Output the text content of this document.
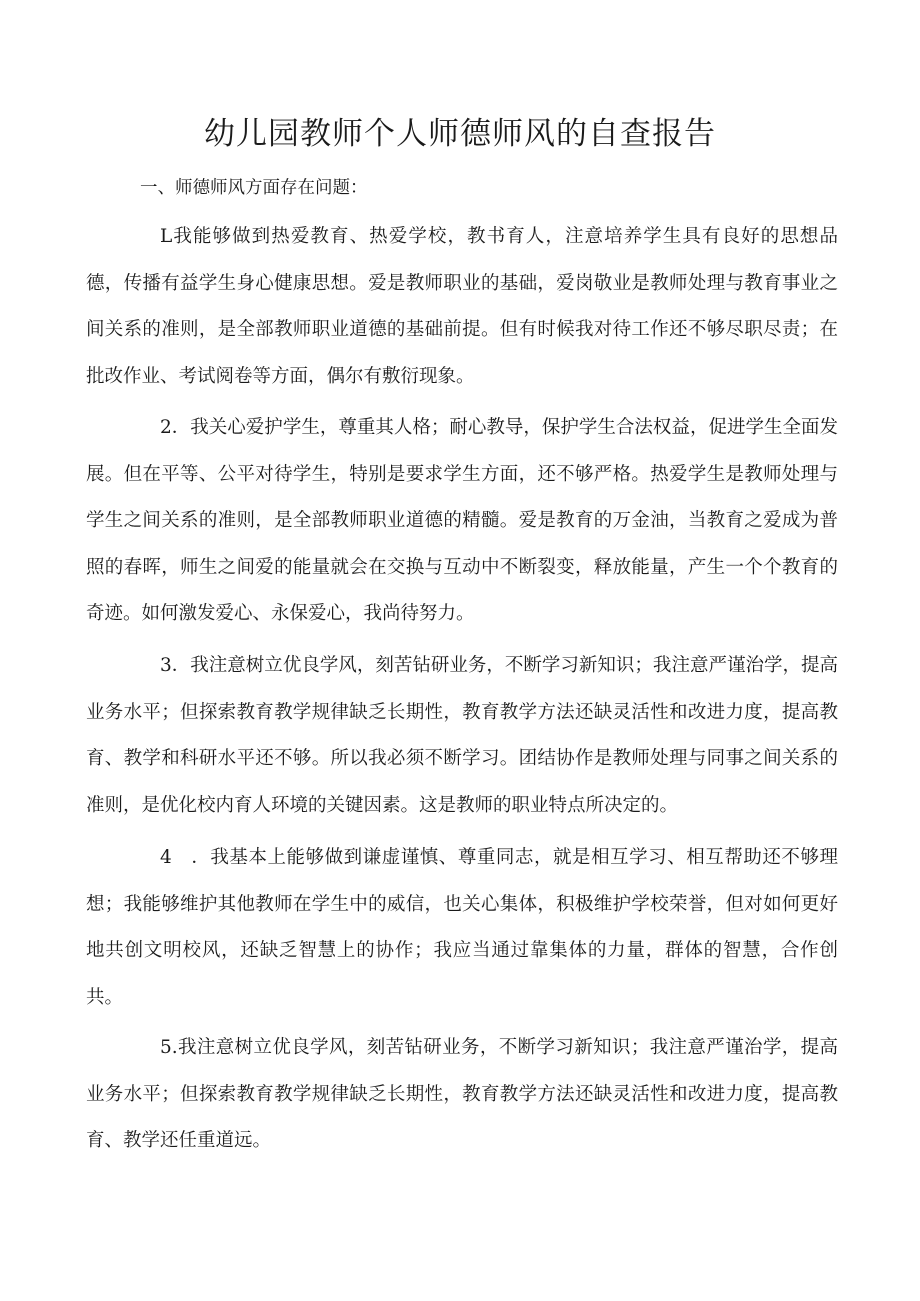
幼儿园教师个人师德师风的自查报告

一、师德师风方面存在问题：

L我能够做到热爱教育、热爱学校，教书育人，注意培养学生具有良好的思想品德，传播有益学生身心健康思想。爱是教师职业的基础，爱岗敬业是教师处理与教育事业之间关系的准则，是全部教师职业道德的基础前提。但有时候我对待工作还不够尽职尽责；在批改作业、考试阅卷等方面，偶尔有敷衍现象。

2．我关心爱护学生，尊重其人格；耐心教导，保护学生合法权益，促进学生全面发展。但在平等、公平对待学生，特别是要求学生方面，还不够严格。热爱学生是教师处理与学生之间关系的准则，是全部教师职业道德的精髓。爱是教育的万金油，当教育之爱成为普照的春晖，师生之间爱的能量就会在交换与互动中不断裂变，释放能量，产生一个个教育的奇迹。如何激发爱心、永保爱心，我尚待努力。

3．我注意树立优良学风，刻苦钻研业务，不断学习新知识；我注意严谨治学，提高业务水平；但探索教育教学规律缺乏长期性，教育教学方法还缺灵活性和改进力度，提高教育、教学和科研水平还不够。所以我必须不断学习。团结协作是教师处理与同事之间关系的准则，是优化校内育人环境的关键因素。这是教师的职业特点所决定的。

4　．我基本上能够做到谦虚谨慎、尊重同志，就是相互学习、相互帮助还不够理想；我能够维护其他教师在学生中的威信，也关心集体，积极维护学校荣誉，但对如何更好地共创文明校风，还缺乏智慧上的协作；我应当通过靠集体的力量，群体的智慧，合作创共。

5.我注意树立优良学风，刻苦钻研业务，不断学习新知识；我注意严谨治学，提高业务水平；但探索教育教学规律缺乏长期性，教育教学方法还缺灵活性和改进力度，提高教育、教学还任重道远。
